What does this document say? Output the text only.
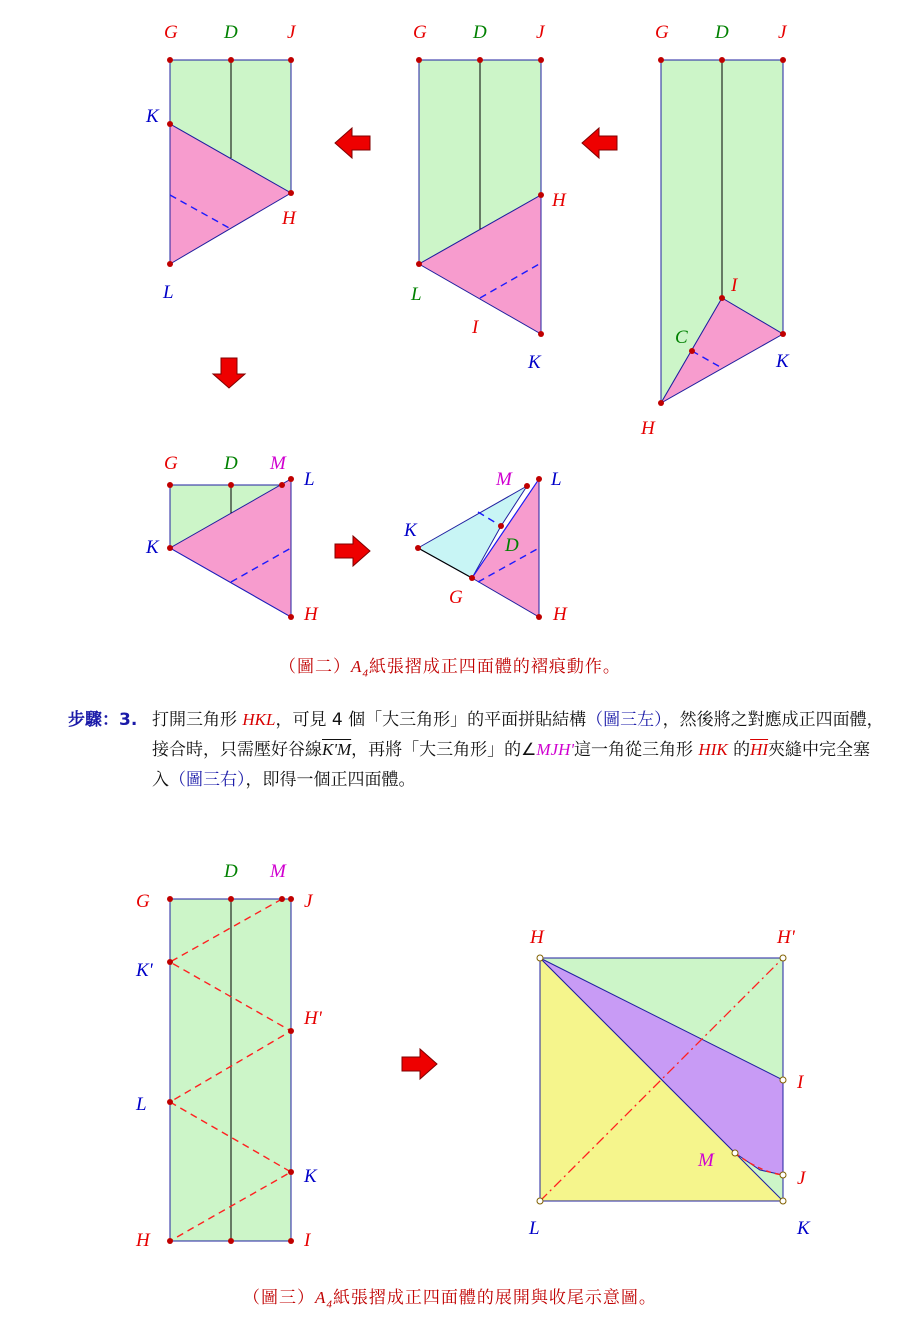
G D	J
K
H
L
G D	J
H
L
I
K
G D	J
I
C
K
H
G D M
L
K
H
M L
K
D
G
H
D M
G	J
K'
H'
L
K
H	I
H	H'
I
M
J
L	K
（圖二）$A_4$紙張摺成正四面體的褶痕動作。
步驟：3. 打開三角形 HKL，可見 4 個「大三角形」的平面拼貼結構（圖三左），然後將之對應成正四面體，接合時，只需壓好谷線K'M，再將「大三角形」的∠MJH'這一角從三角形 HIK 的$\overline{HI}$夾縫中完全塞入（圖三右），即得一個正四面體。
（圖三）$A_4$紙張摺成正四面體的展開與收尾示意圖。
